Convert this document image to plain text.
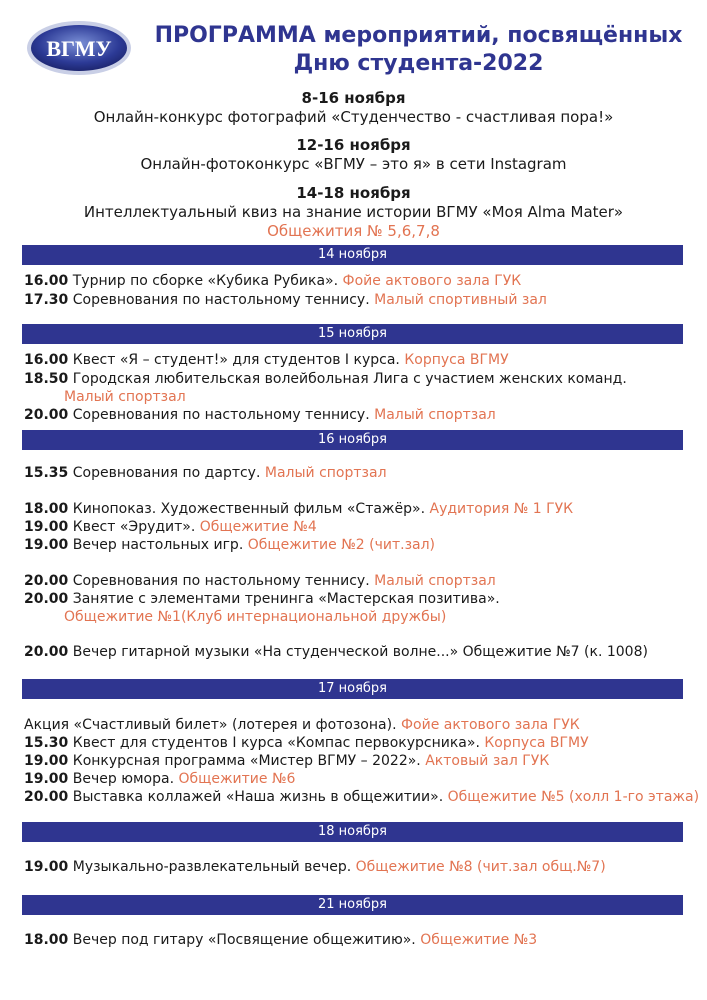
ВГМУ
ПРОГРАММА мероприятий, посвящённых
Дню студента-2022
8-16 ноября
Онлайн-конкурс фотографий «Студенчество - счастливая пора!»
12-16 ноября
Онлайн-фотоконкурс «ВГМУ – это я» в сети Instagram
14-18 ноября
Интеллектуальный квиз на знание истории ВГМУ «Моя Alma Mater»
Общежития № 5,6,7,8
14 ноября
16.00 Турнир по сборке «Кубика Рубика». Фойе актового зала ГУК
17.30 Соревнования по настольному теннису. Малый спортивный зал
15 ноября
16.00 Квест «Я – студент!» для студентов I курса. Корпуса ВГМУ
18.50 Городская любительская волейбольная Лига с участием женских команд.
Малый спортзал
20.00 Соревнования по настольному теннису. Малый спортзал
16 ноября
15.35 Соревнования по дартсу. Малый спортзал
18.00 Кинопоказ. Художественный фильм «Стажёр». Аудитория № 1 ГУК
19.00 Квест «Эрудит». Общежитие №4
19.00 Вечер настольных игр. Общежитие №2 (чит.зал)
20.00 Соревнования по настольному теннису. Малый спортзал
20.00 Занятие с элементами тренинга «Мастерская позитива».
Общежитие №1(Клуб интернациональной дружбы)
20.00 Вечер гитарной музыки «На студенческой волне...» Общежитие №7 (к. 1008)
17 ноября
Акция «Счастливый билет» (лотерея и фотозона). Фойе актового зала ГУК
15.30 Квест для студентов I курса «Компас первокурсника». Корпуса ВГМУ
19.00 Конкурсная программа «Мистер ВГМУ – 2022». Актовый зал ГУК
19.00 Вечер юмора. Общежитие №6
20.00 Выставка коллажей «Наша жизнь в общежитии». Общежитие №5 (холл 1-го этажа)
18 ноября
19.00 Музыкально-развлекательный вечер. Общежитие №8 (чит.зал общ.№7)
21 ноября
18.00 Вечер под гитару «Посвящение общежитию». Общежитие №3
